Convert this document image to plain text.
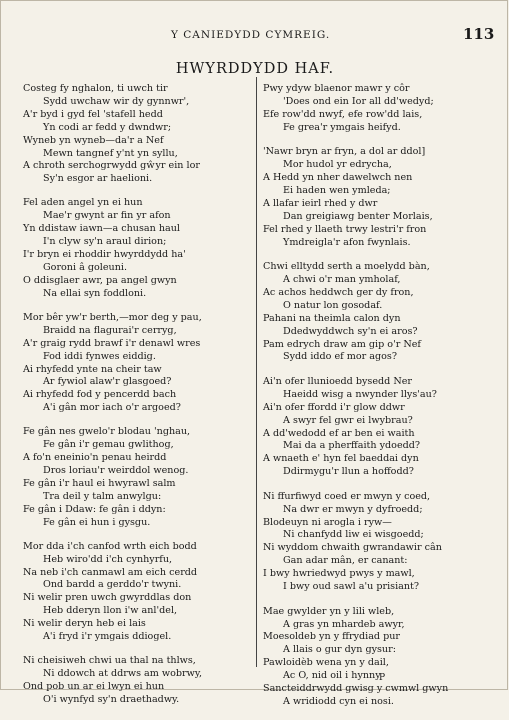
Y CANIEDYDD CYMREIG.	113
HWYRDDYDD HAF.
Costeg fy nghalon, ti uwch tir
Sydd uwchaw wir dy gynnwr',
A'r byd i gyd fel 'stafell hedd
Yn codi ar fedd y dwndwr;
Wyneb yn wyneb—da'r a Nef
Mewn tangnef y'nt yn syllu,
A chroth serchogrwydd gŵyr ein lor
Sy'n esgor ar haelioni.
Fel aden angel yn ei hun
Mae'r gwynt ar fin yr afon
Yn ddistaw iawn—a chusan haul
I'n clyw sy'n araul dirion;
I'r bryn ei rhoddir hwyrddydd ha'
Goroni â goleuni.
O ddisglaer awr, pa angel gwyn
Na ellai syn foddloni.
Mor bêr yw'r berth,—mor deg y pau,
Braidd na flagurai'r cerryg,
A'r graig rydd brawf i'r denawl wres
Fod iddi fynwes eiddig.
Ai rhyfedd ynte na cheir taw
Ar fywiol alaw'r glasgoed?
Ai rhyfedd fod y pencerdd bach
A'i gân mor iach o'r argoed?
Fe gân nes gwelo'r blodau 'nghau,
Fe gân i'r gemau gwlithog,
A fo'n eneinio'n penau heirdd
Dros loriau'r weirddol wenog.
Fe gân i'r haul ei hwyrawl salm
Tra deil y talm anwylgu:
Fe gân i Ddaw: fe gân i ddyn:
Fe gân ei hun i gysgu.
Mor dda i'ch canfod wrth eich bodd
Heb wiro'dd i'ch cynhyrfu,
Na neb i'ch canmawl am eich cerdd
Ond bardd a gerddo'r twyni.
Ni welir pren uwch gwyrddlas don
Heb dderyn llon i'w anl'del,
Ni welir deryn heb ei lais
A'i fryd i'r ymgais ddiogel.
Ni cheisiweh chwi ua thal na thlws,
Ni ddowch at ddrws am wobrwy,
Ond pob un ar ei lwyn ei hun
O'i wynfyd sy'n draethadwy.
Pwy ydyw blaenor mawr y côr
'Does ond ein Ior all dd'wedyd;
Efe row'dd nwyf, efe row'dd lais,
Fe grea'r ymgais heifyd.
'Nawr bryn ar fryn, a dol ar ddol]
Mor hudol yr edrycha,
A Hedd yn nher dawelwch nen
Ei haden wen ymleda;
A llafar ieirl rhed y dwr
Dan greigiawg benter Morlais,
Fel rhed y llaeth trwy lestri'r fron
Ymdreigla'r afon fwynlais.
Chwi elltydd serth a moelydd bàn,
A chwi o'r man ymholaf,
Ac achos heddwch ger dy fron,
O natur lon gosodaf.
Pahani na theimla calon dyn
Ddedwyddwch sy'n ei aros?
Pam edrych draw am gip o'r Nef
Sydd iddo ef mor agos?
Ai'n ofer llunioedd bysedd Ner
Haeidd wisg a nwynder llys'au?
Ai'n ofer ffordd i'r glow ddwr
A swyr fel gwr ei lwybrau?
A dd'wedodd ef ar ben ei waith
Mai da a pherffaith ydoedd?
A wnaeth e' hyn fel baeddai dyn
Ddirmygu'r llun a hoffodd?
Ni ffurfiwyd coed er mwyn y coed,
Na dwr er mwyn y dyfroedd;
Blodeuyn ni arogla i ryw—
Ni chanfydd liw ei wisgoedd;
Ni wyddom chwaith gwrandawir cân
Gan adar mân, er canant:
I bwy hwriedwyd pwys y mawl,
I bwy oud sawl a'u prisiant?
Mae gwylder yn y lili wleb,
A gras yn mhardeb awyr,
Moesoldeb yn y ffrydiad pur
A llais o gur dyn gysur:
Pawloidèb wena yn y dail,
Ac O, nid oil i hynny
Sancteiddrwydd gwisg y cwmwl gwyn
A wridiodd cyn ei nosi.
P
